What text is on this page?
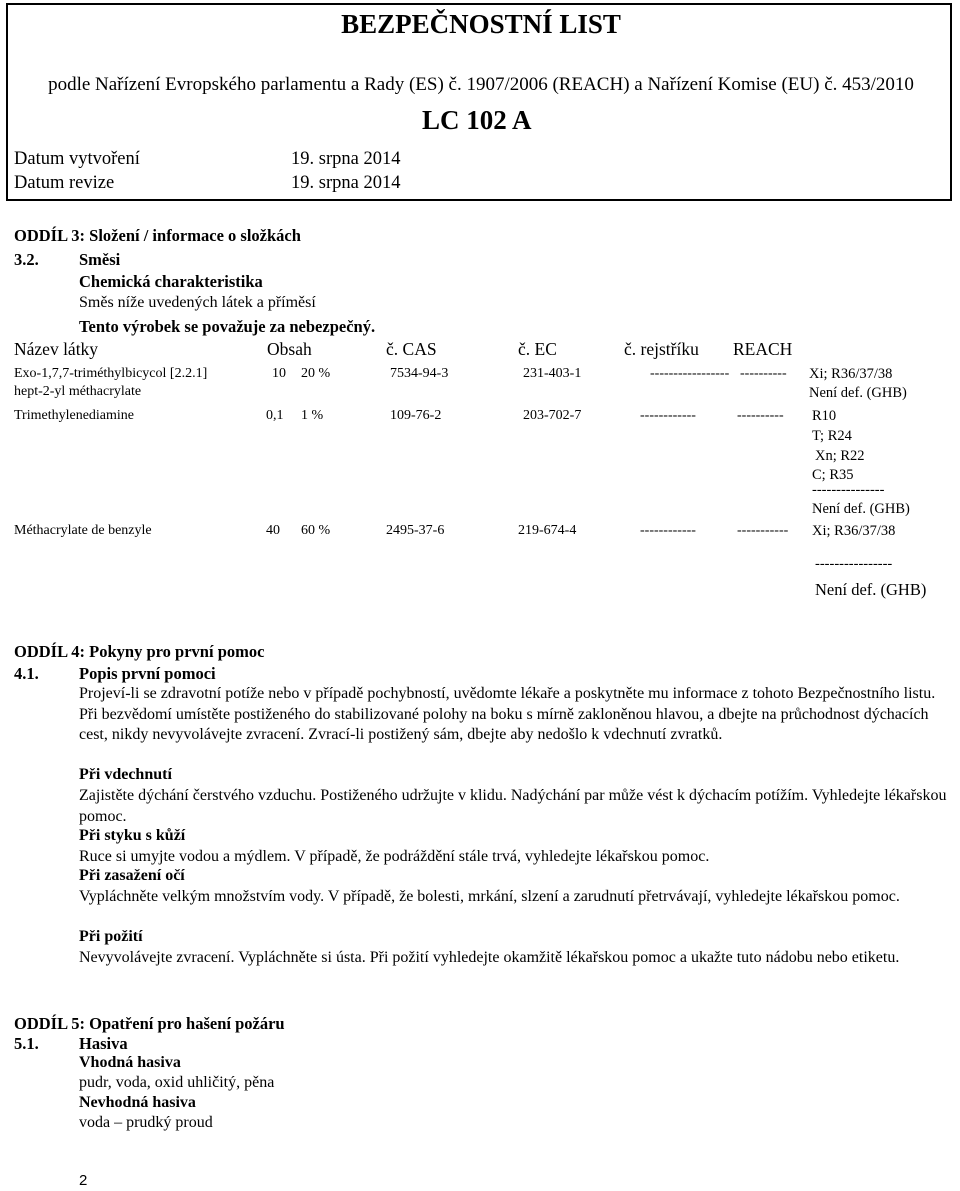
BEZPEČNOSTNÍ LIST
podle Nařízení Evropského parlamentu a Rady (ES) č. 1907/2006 (REACH) a Nařízení Komise (EU) č. 453/2010
LC 102 A
Datum vytvoření	19. srpna 2014
Datum revize	19. srpna 2014
ODDÍL 3: Složení / informace o složkách
3.2. Směsi
Chemická charakteristika
Směs níže uvedených látek a příměsí
Tento výrobek se považuje za nebezpečný.
Název látky	Obsah	č. CAS	č. EC	č. rejstříku REACH
Exo-1,7,7-triméthylbicycol [2.2.1]
hept-2-yl méthacrylate
10 20 %	7534-94-3	231-403-1	----------------- ---------- Xi; R36/37/38
Není def. (GHB)
Trimethylenediamine	0,1 1 %	109-76-2	203-702-7	------------	---------- R10
T; R24
Xn; R22
C; R35
---------------
Není def. (GHB)
Méthacrylate de benzyle	40 60 %	2495-37-6	219-674-4	------------	----------- Xi; R36/37/38
----------------
Není def. (GHB)
ODDÍL 4: Pokyny pro první pomoc
4.1. Popis první pomoci
Projeví-li se zdravotní potíže nebo v případě pochybností, uvědomte lékaře a poskytněte mu informace z tohoto Bezpečnostního listu. Při bezvědomí umístěte postiženého do stabilizované polohy na boku s mírně zakloněnou hlavou, a dbejte na průchodnost dýchacích cest, nikdy nevyvolávejte zvracení. Zvrací-li postižený sám, dbejte aby nedošlo k vdechnutí zvratků.
Při vdechnutí
Zajistěte dýchání čerstvého vzduchu. Postiženého udržujte v klidu. Nadýchání par může vést k dýchacím potížím. Vyhledejte lékařskou pomoc.
Při styku s kůží
Ruce si umyjte vodou a mýdlem. V případě, že podráždění stále trvá, vyhledejte lékařskou pomoc.
Při zasažení očí
Vypláchněte velkým množstvím vody. V případě, že bolesti, mrkání, slzení a zarudnutí přetrvávají, vyhledejte lékařskou pomoc.
Při požití
Nevyvolávejte zvracení. Vypláchněte si ústa. Při požití vyhledejte okamžitě lékařskou pomoc a ukažte tuto nádobu nebo etiketu.
ODDÍL 5: Opatření pro hašení požáru
5.1. Hasiva
Vhodná hasiva
pudr, voda, oxid uhličitý, pěna
Nevhodná hasiva
voda – prudký proud
2
